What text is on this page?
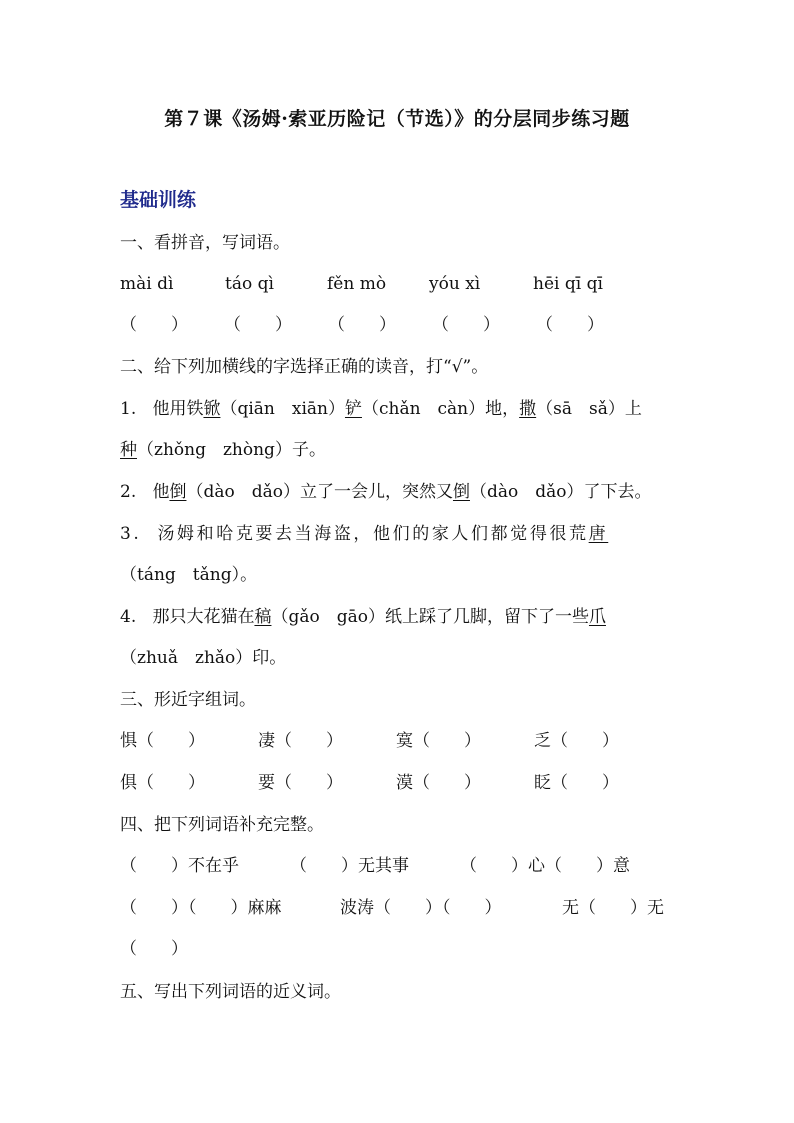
第７课《汤姆·索亚历险记（节选）》的分层同步练习题
基础训练
一、看拼音，写词语。
mài dì	táo qì	fěn mò	yóu xì	hēi qī qī
（　　）	（　　）	（　　）	（　　）	（　　）
二、给下列加横线的字选择正确的读音，打“√”。
1. 他用铁锨（qiān　xiān）铲（chǎn　càn）地，撒（sā　sǎ）上
种（zhǒng　zhòng）子。
2. 他倒（dào　dǎo）立了一会儿，突然又倒（dào　dǎo）了下去。
3. 汤姆和哈克要去当海盗，他们的家人们都觉得很荒唐
（táng　tǎng）。
4. 那只大花猫在稿（gǎo　gāo）纸上踩了几脚，留下了一些爪
（zhuǎ　zhǎo）印。
三、形近字组词。
惧（　　）	凄（　　）	寞（　　）	乏（　　）
俱（　　）	要（　　）	漠（　　）	眨（　　）
四、把下列词语补充完整。
（　　）不在乎	（　　）无其事	（　　）心（　　）意
（　　）（　　）麻麻	波涛（　　）（　　）	无（　　）无
（　　）
五、写出下列词语的近义词。
